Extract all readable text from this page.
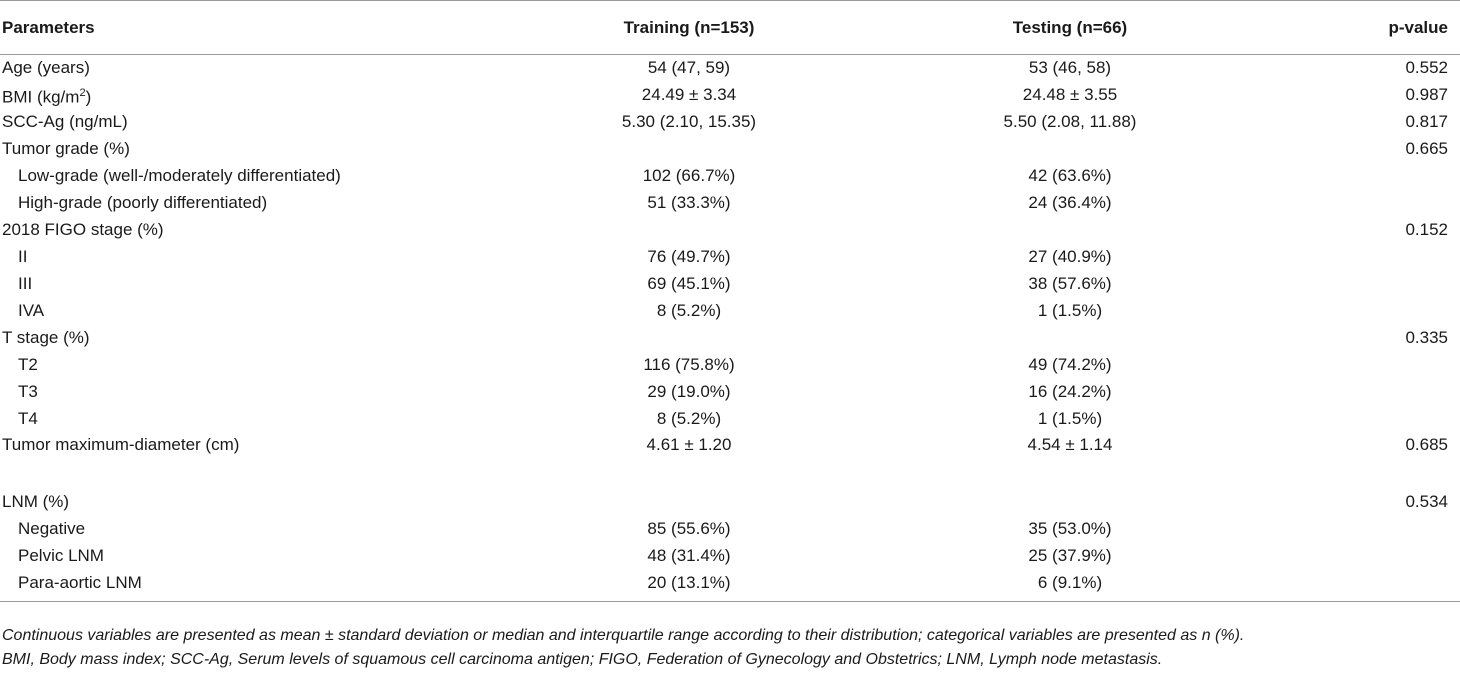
Parameters	Training (n=153)	Testing (n=66)	p-value
Age (years)	54 (47, 59)	53 (46, 58)	0.552
BMI $(kg/m^2)$	24.49 ± 3.34	24.48 ± 3.55	0.987
SCC-Ag (ng/mL)	5.30 (2.10, 15.35)	5.50 (2.08, 11.88)	0.817
Tumor grade (%)			0.665
Low-grade (well-/moderately differentiated)	102 (66.7%)	42 (63.6%)	
High-grade (poorly differentiated)	51 (33.3%)	24 (36.4%)	
2018 FIGO stage (%)			0.152
II	76 (49.7%)	27 (40.9%)	
III	69 (45.1%)	38 (57.6%)	
IVA	8 (5.2%)	1 (1.5%)	
T stage (%)			0.335
T2	116 (75.8%)	49 (74.2%)	
T3	29 (19.0%)	16 (24.2%)	
T4	8 (5.2%)	1 (1.5%)	
Tumor maximum-diameter (cm)	4.61 ± 1.20	4.54 ± 1.14	0.685
LNM (%)			0.534
Negative	85 (55.6%)	35 (53.0%)	
Pelvic LNM	48 (31.4%)	25 (37.9%)	
Para-aortic LNM	20 (13.1%)	6 (9.1%)	
Continuous variables are presented as mean ± standard deviation or median and interquartile range according to their distribution; categorical variables are presented as n (%).
BMI, Body mass index; SCC-Ag, Serum levels of squamous cell carcinoma antigen; FIGO, Federation of Gynecology and Obstetrics; LNM, Lymph node metastasis.
